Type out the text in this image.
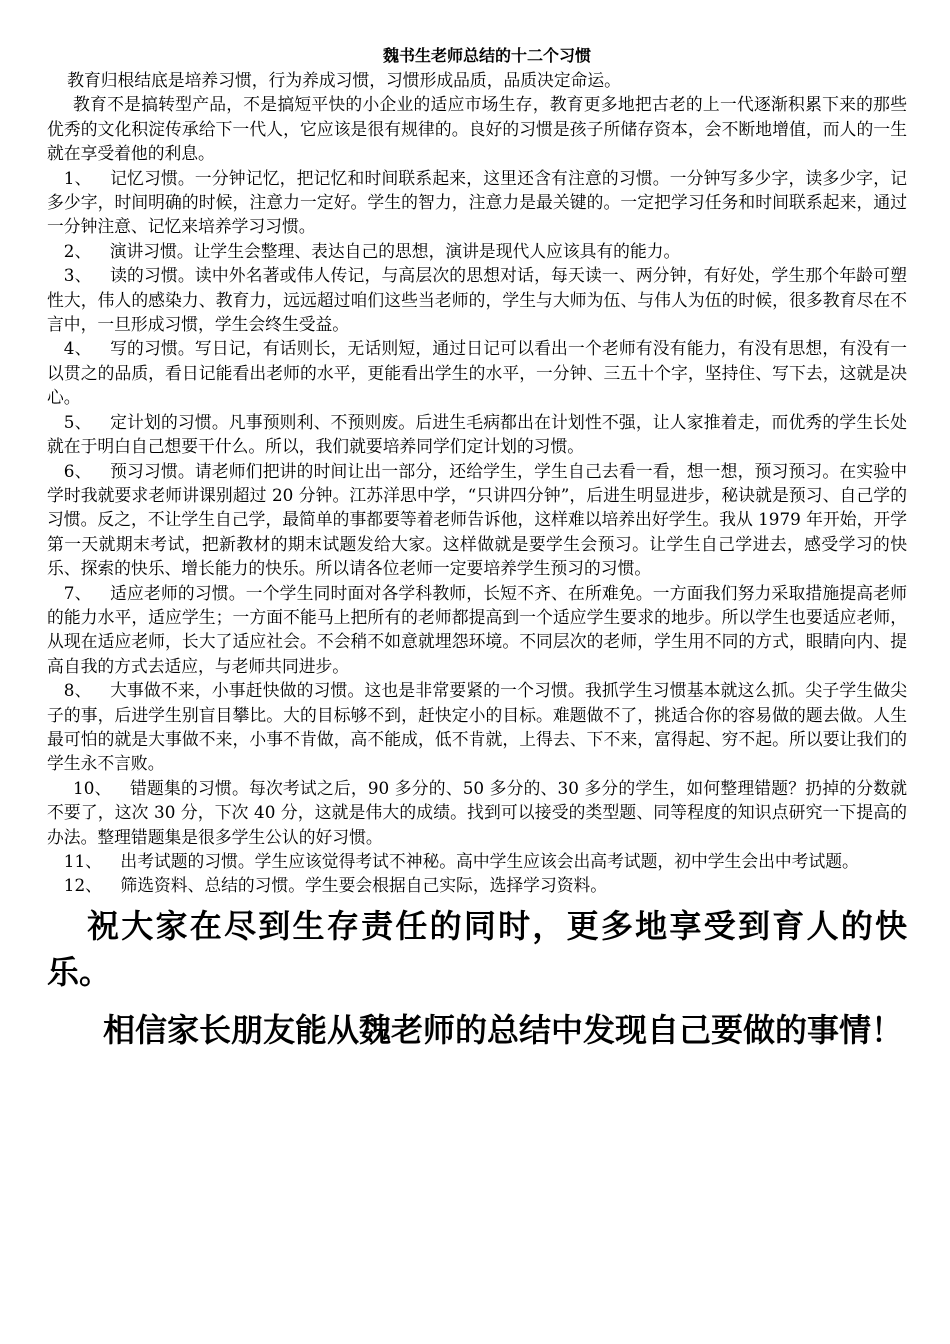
魏书生老师总结的十二个习惯

教育归根结底是培养习惯，行为养成习惯，习惯形成品质，品质决定命运。

教育不是搞转型产品，不是搞短平快的小企业的适应市场生存，教育更多地把古老的上一代逐渐积累下来的那些优秀的文化积淀传承给下一代人，它应该是很有规律的。良好的习惯是孩子所储存资本，会不断地增值，而人的一生就在享受着他的利息。

1、 记忆习惯。一分钟记忆，把记忆和时间联系起来，这里还含有注意的习惯。一分钟写多少字，读多少字，记多少字，时间明确的时候，注意力一定好。学生的智力，注意力是最关键的。一定把学习任务和时间联系起来，通过一分钟注意、记忆来培养学习习惯。

2、 演讲习惯。让学生会整理、表达自己的思想，演讲是现代人应该具有的能力。

3、 读的习惯。读中外名著或伟人传记，与高层次的思想对话，每天读一、两分钟，有好处，学生那个年龄可塑性大，伟人的感染力、教育力，远远超过咱们这些当老师的，学生与大师为伍、与伟人为伍的时候，很多教育尽在不言中，一旦形成习惯，学生会终生受益。

4、 写的习惯。写日记，有话则长，无话则短，通过日记可以看出一个老师有没有能力，有没有思想，有没有一以贯之的品质，看日记能看出老师的水平，更能看出学生的水平，一分钟、三五十个字，坚持住、写下去，这就是决心。

5、 定计划的习惯。凡事预则利、不预则废。后进生毛病都出在计划性不强，让人家推着走，而优秀的学生长处就在于明白自己想要干什么。所以，我们就要培养同学们定计划的习惯。

6、 预习习惯。请老师们把讲的时间让出一部分，还给学生，学生自己去看一看，想一想，预习预习。在实验中学时我就要求老师讲课别超过 20 分钟。江苏洋思中学，“只讲四分钟”，后进生明显进步，秘诀就是预习、自己学的习惯。反之，不让学生自己学，最简单的事都要等着老师告诉他，这样难以培养出好学生。我从 1979 年开始，开学第一天就期末考试，把新教材的期末试题发给大家。这样做就是要学生会预习。让学生自己学进去，感受学习的快乐、探索的快乐、增长能力的快乐。所以请各位老师一定要培养学生预习的习惯。

7、 适应老师的习惯。一个学生同时面对各学科教师，长短不齐、在所难免。一方面我们努力采取措施提高老师的能力水平，适应学生；一方面不能马上把所有的老师都提高到一个适应学生要求的地步。所以学生也要适应老师，从现在适应老师，长大了适应社会。不会稍不如意就埋怨环境。不同层次的老师，学生用不同的方式，眼睛向内、提高自我的方式去适应，与老师共同进步。

8、 大事做不来，小事赶快做的习惯。这也是非常要紧的一个习惯。我抓学生习惯基本就这么抓。尖子学生做尖子的事，后进学生别盲目攀比。大的目标够不到，赶快定小的目标。难题做不了，挑适合你的容易做的题去做。人生最可怕的就是大事做不来，小事不肯做，高不能成，低不肯就，上得去、下不来，富得起、穷不起。所以要让我们的学生永不言败。

10、 错题集的习惯。每次考试之后，90 多分的、50 多分的、30 多分的学生，如何整理错题？扔掉的分数就不要了，这次 30 分，下次 40 分，这就是伟大的成绩。找到可以接受的类型题、同等程度的知识点研究一下提高的办法。整理错题集是很多学生公认的好习惯。

11、 出考试题的习惯。学生应该觉得考试不神秘。高中学生应该会出高考试题，初中学生会出中考试题。

12、 筛选资料、总结的习惯。学生要会根据自己实际，选择学习资料。

祝大家在尽到生存责任的同时，更多地享受到育人的快乐。

相信家长朋友能从魏老师的总结中发现自己要做的事情！
